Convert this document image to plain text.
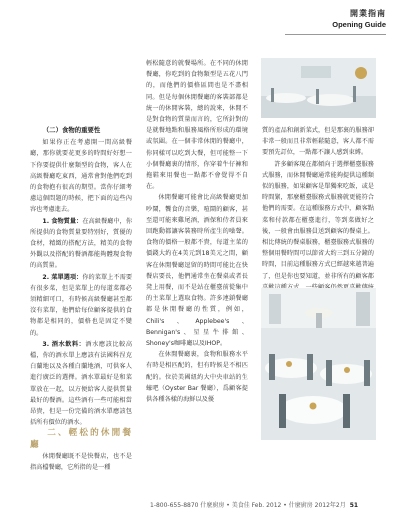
開業指南
Opening Guide
（二）食物的重要性

如果你正在考慮開一間高級餐廳，那你就要花更多的時間好好想一下你要提供什麼類型的食物，客人在高級餐廳吃東西，通常會對他們吃到的食物抱有很高的期望。當你仔細考慮這個問題的時候，把下面的這些內容也考慮進去。

1. 食物質量：在高級餐廳中，你所提供的食物質量要特別好，質優的食材，精緻的搭配方法，精美的食物外觀以及搭配的餐酒都能夠體現食物的高質量。

2. 菜單選項：你的菜單上不需要有很多菜，但是菜單上的每道菜都必須精細可口，有時候高級餐廳甚至都沒有菜單，他們給每位顧客提供的食物都是相同的，價格也是固定不變的。

3. 酒水飲料：酒水應該比較高檔，你的酒水單上應該有法國科涅克白蘭地以及各種白蘭地酒，可供客人進行廣泛的選擇。酒水單最好是和菜單放在一起，以方便給客人提供質量最好的餐酒。這些酒有一些可能相當昂貴，但是一份完備的酒水單應該包括所有價位的酒水。

二、輕松的休閒餐廳

休閒餐廳既不是快餐店，也不是指高檔餐廳，它所指的是一種

輕松隨意的就餐場所。在不同的休閒餐廳，你吃到的食物類型是五花八門的，而他們的價格區間也是不盡相同。但是每個休閒餐廳的客裝部都是統一的休閒客裝，總的說來，休閒不是對食物的質量而言的，它所針對的是就餐地點和服務風格所形成的環境或氛圍。在一個非常休閒的餐廳中，你同樣可以吃到大餐，但可能整一下小個餐廳裏的情形，你穿着牛仔褲和拖鞋來用餐也一點都不會覺得不自在。

休閒餐廳可能會比高級餐廳更加吵鬧，饗食的音樂，喧鬧的顧客，甚至還可能來雞尾酒，酒保和侍者員來回跑動都讓客裝務時所產生的噪聲。食物的價格一般都不貴，每道主菜的價錢大約在4美元到18美元之間，顧客在休閒餐廳逗留的時間可能比在快餐店要長，他們通常坐在餐桌或者長凳上用餐，而不是站在櫃臺前從集中的主菜單上選取食物。許多連鎖餐廳都是休閒餐廳的性質，例如，Chili's、Applebee's、Bennigan's、星星牛排館、Shoney's咖啡廳以及IHOP。

在休閒餐廳裏，食物和服務水平有時是相匹配的，但有時候是不相匹配的。位於美國紐約大中央車站的生蠔吧（Oyster Bar 餐廳），爲顧客提供各種各樣的海鮮以及優

質的產品和創新菜式，但是那裏的服務卻非常一般而且非常輕鬆隨意，客人都不需要預先訂位，一點都不讓人感到束縛。

許多顧客現在都傾向于選擇櫃臺服務式服務，而休閒餐廳通常能夠提供這種類似的服務，如果顧客是單獨來吃飯，或是時間緊，那麼櫃臺服務式服務就更能符合他們的需要。在這種服務方式中，顧客點菜和付款都在櫃臺進行，等到菜做好之後，一般會由服務員送到顧客的餐桌上。相比傳統的餐桌服務，櫃臺服務式服務的整個用餐時間可以節省大約三到五分鐘的時間，目前這種服務方式已經越來越普遍了，但是你也要知道，並非所有的顧客都

1-800-655-8870 什麼廚房 • 美食佳 Feb. 2012 • 什麼廚房 2012年2月 51
